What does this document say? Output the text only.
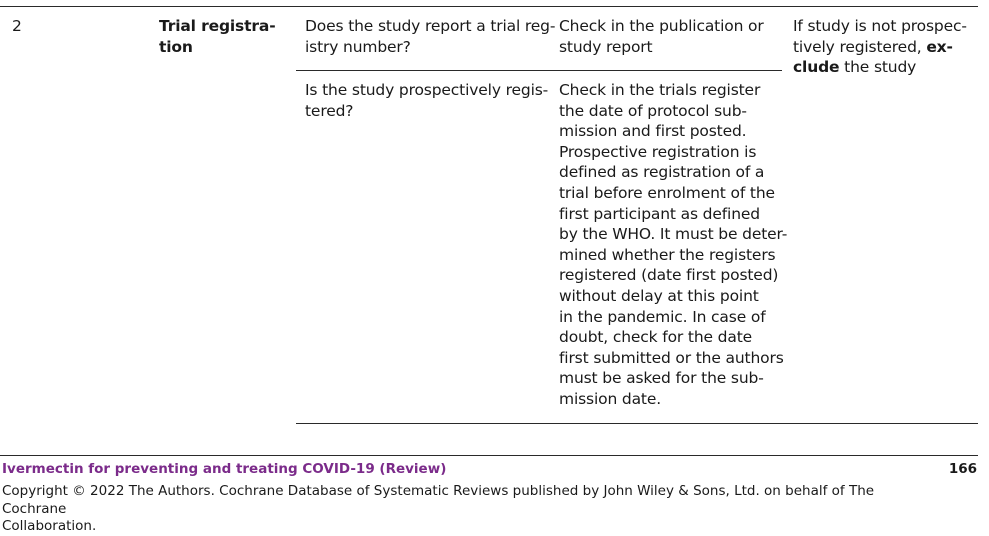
2	Trial registra-
tion
Does the study report a trial reg-
istry number?
Check in the publication or
study report
If study is not prospec-
tively registered, ex-
clude the study
Is the study prospectively regis-
tered?
Check in the trials register
the date of protocol sub-
mission and first posted.
Prospective registration is
defined as registration of a
trial before enrolment of the
first participant as defined
by the WHO. It must be deter-
mined whether the registers
registered (date first posted)
without delay at this point
in the pandemic. In case of
doubt, check for the date
first submitted or the authors
must be asked for the sub-
mission date.
Ivermectin for preventing and treating COVID-19 (Review)	166
Copyright © 2022 The Authors. Cochrane Database of Systematic Reviews published by John Wiley & Sons, Ltd. on behalf of The Cochrane
Collaboration.
